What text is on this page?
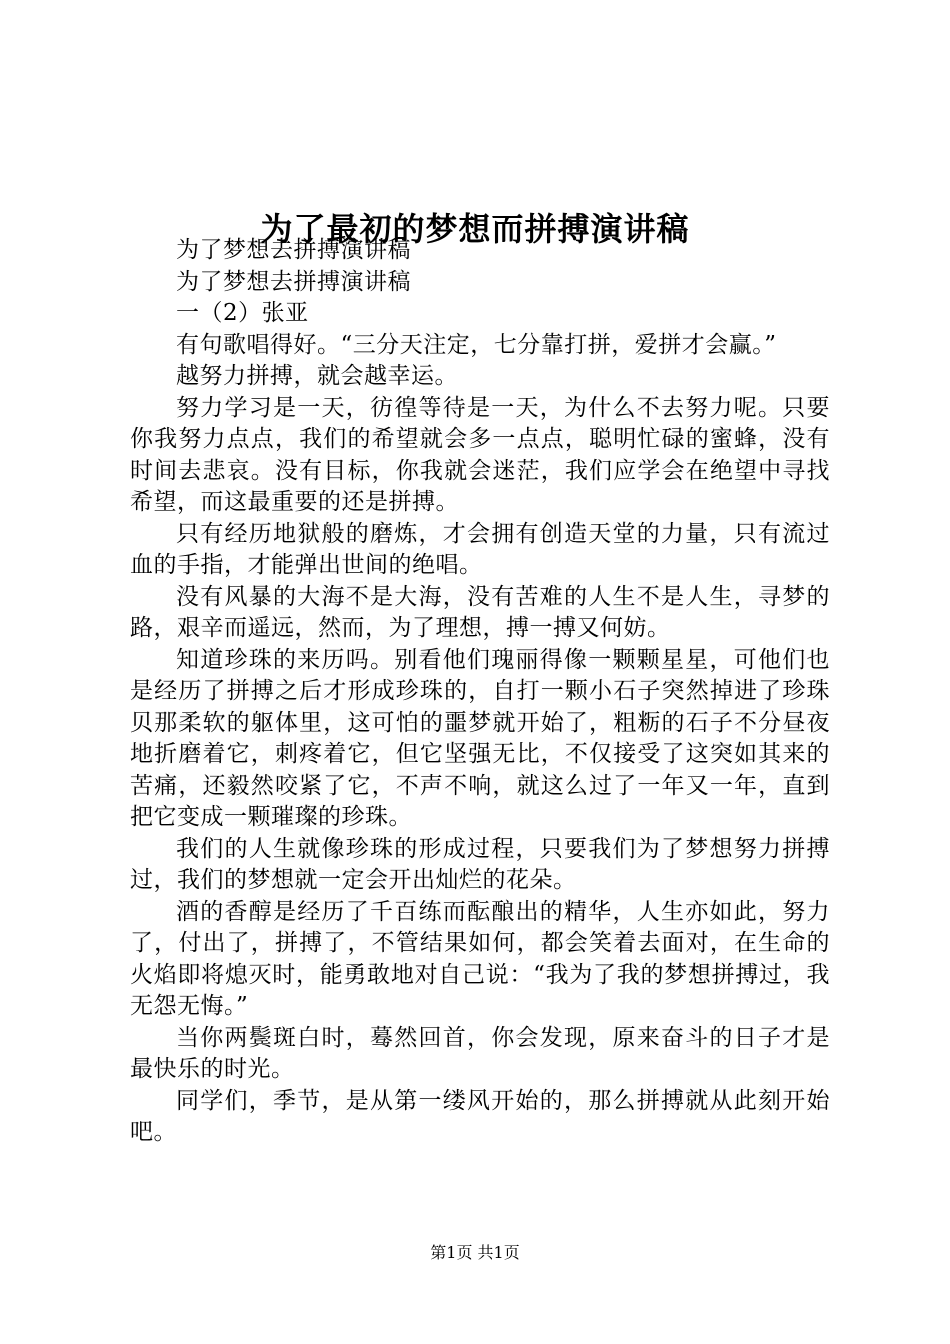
为了最初的梦想而拼搏演讲稿

为了梦想去拼搏演讲稿

为了梦想去拼搏演讲稿

一（2）张亚

有句歌唱得好。“三分天注定，七分靠打拼，爱拼才会赢。”

越努力拼搏，就会越幸运。

努力学习是一天，彷徨等待是一天，为什么不去努力呢。只要你我努力点点，我们的希望就会多一点点，聪明忙碌的蜜蜂，没有时间去悲哀。没有目标，你我就会迷茫，我们应学会在绝望中寻找希望，而这最重要的还是拼搏。

只有经历地狱般的磨炼，才会拥有创造天堂的力量，只有流过血的手指，才能弹出世间的绝唱。

没有风暴的大海不是大海，没有苦难的人生不是人生，寻梦的路，艰辛而遥远，然而，为了理想，搏一搏又何妨。

知道珍珠的来历吗。别看他们瑰丽得像一颗颗星星，可他们也是经历了拼搏之后才形成珍珠的，自打一颗小石子突然掉进了珍珠贝那柔软的躯体里，这可怕的噩梦就开始了，粗粝的石子不分昼夜地折磨着它，刺疼着它，但它坚强无比，不仅接受了这突如其来的苦痛，还毅然咬紧了它，不声不响，就这么过了一年又一年，直到把它变成一颗璀璨的珍珠。

我们的人生就像珍珠的形成过程，只要我们为了梦想努力拼搏过，我们的梦想就一定会开出灿烂的花朵。

酒的香醇是经历了千百练而酝酿出的精华，人生亦如此，努力了，付出了，拼搏了，不管结果如何，都会笑着去面对，在生命的火焰即将熄灭时，能勇敢地对自己说：“我为了我的梦想拼搏过，我无怨无悔。”

当你两鬓斑白时，蓦然回首，你会发现，原来奋斗的日子才是最快乐的时光。

同学们，季节，是从第一缕风开始的，那么拼搏就从此刻开始吧。

第1页 共1页
